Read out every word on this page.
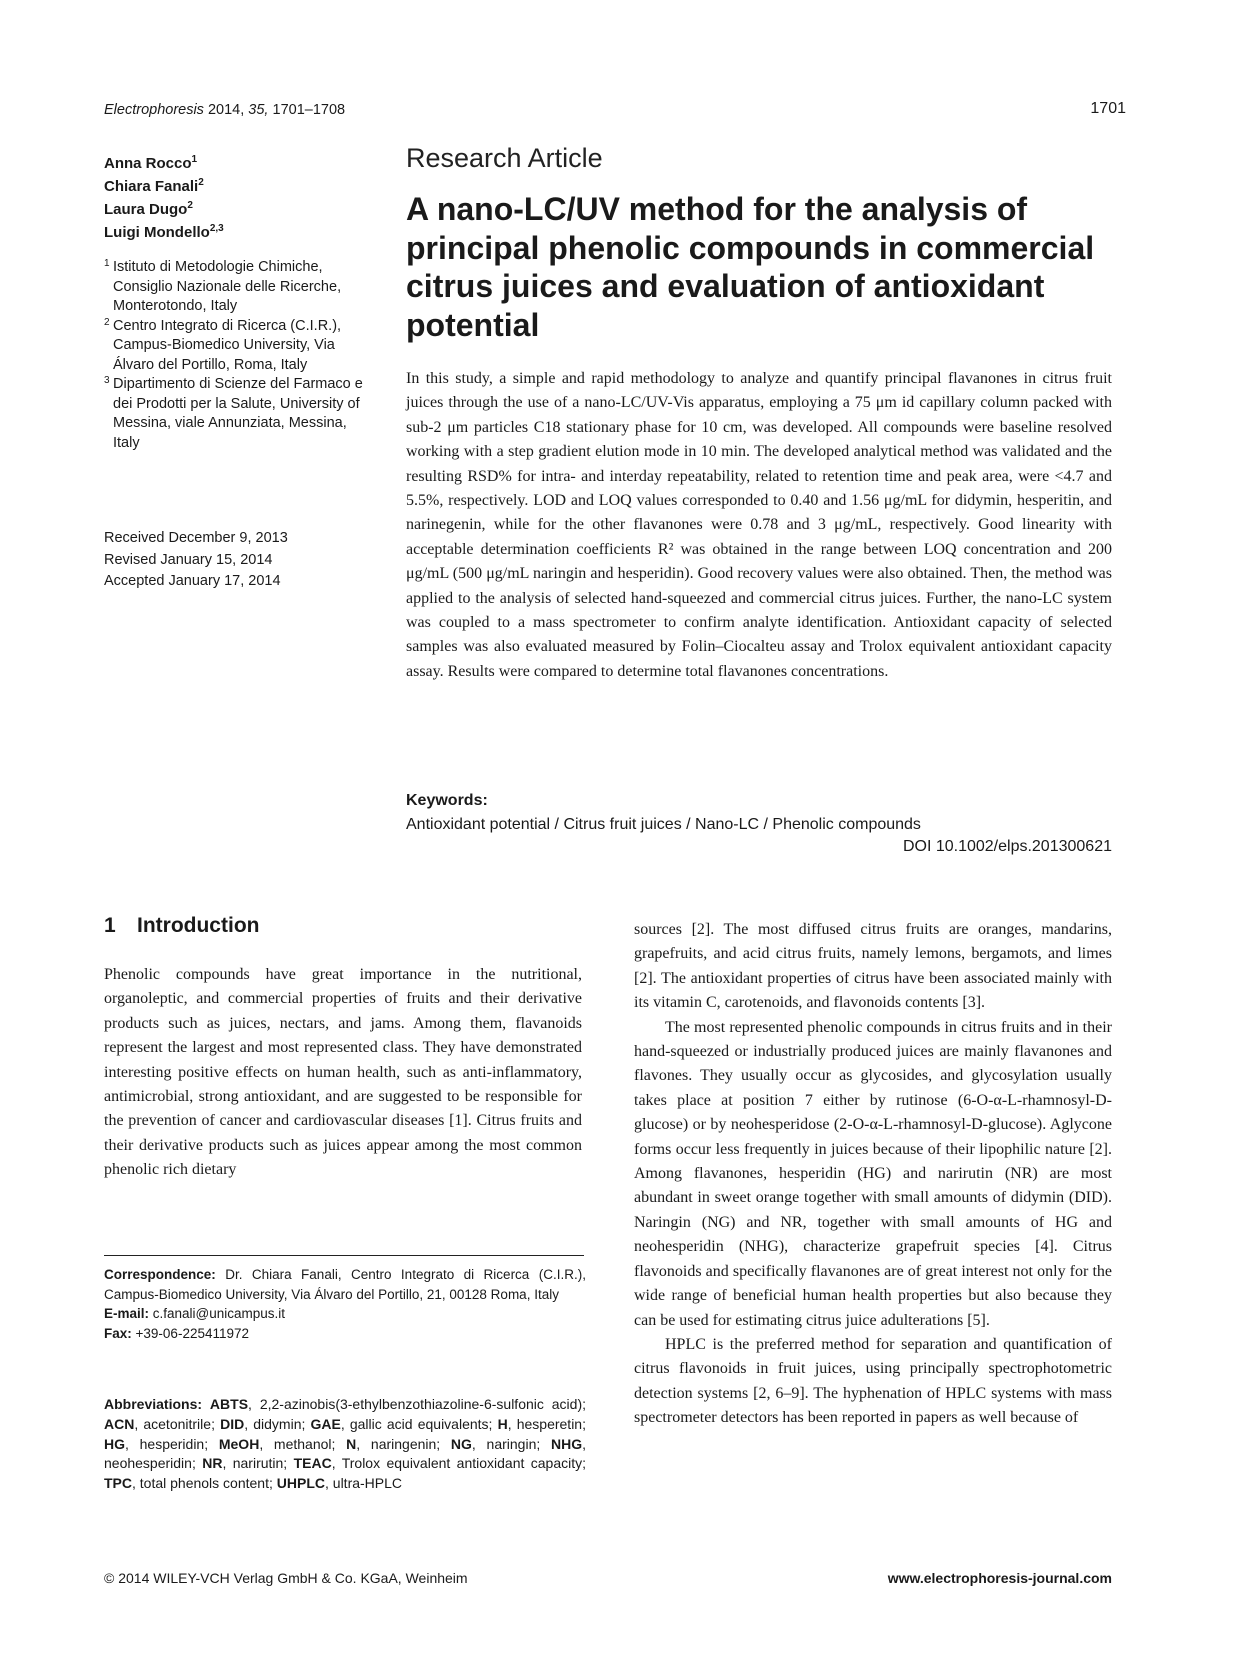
Electrophoresis 2014, 35, 1701–1708	1701
Anna Rocco$^1$
Chiara Fanali$^2$
Laura Dugo$^2$
Luigi Mondello$^{2,3}$
1 Istituto di Metodologie Chimiche, Consiglio Nazionale delle Ricerche, Monterotondo, Italy
2 Centro Integrato di Ricerca (C.I.R.), Campus-Biomedico University, Via Álvaro del Portillo, Roma, Italy
3 Dipartimento di Scienze del Farmaco e dei Prodotti per la Salute, University of Messina, viale Annunziata, Messina, Italy
Received December 9, 2013
Revised January 15, 2014
Accepted January 17, 2014
Research Article
A nano-LC/UV method for the analysis of principal phenolic compounds in commercial citrus juices and evaluation of antioxidant potential

In this study, a simple and rapid methodology to analyze and quantify principal flavanones in citrus fruit juices through the use of a nano-LC/UV-Vis apparatus, employing a 75 μm id capillary column packed with sub-2 μm particles C18 stationary phase for 10 cm, was developed. All compounds were baseline resolved working with a step gradient elution mode in 10 min. The developed analytical method was validated and the resulting RSD% for intra- and interday repeatability, related to retention time and peak area, were <4.7 and 5.5%, respectively. LOD and LOQ values corresponded to 0.40 and 1.56 μg/mL for didymin, hesperitin, and narinegenin, while for the other flavanones were 0.78 and 3 μg/mL, respectively. Good linearity with acceptable determination coefficients R² was obtained in the range between LOQ concentration and 200 μg/mL (500 μg/mL naringin and hesperidin). Good recovery values were also obtained. Then, the method was applied to the analysis of selected hand-squeezed and commercial citrus juices. Further, the nano-LC system was coupled to a mass spectrometer to confirm analyte identification. Antioxidant capacity of selected samples was also evaluated measured by Folin–Ciocalteu assay and Trolox equivalent antioxidant capacity assay. Results were compared to determine total flavanones concentrations.

Keywords:
Antioxidant potential / Citrus fruit juices / Nano-LC / Phenolic compounds
DOI 10.1002/elps.201300621
1 Introduction

Phenolic compounds have great importance in the nutritional, organoleptic, and commercial properties of fruits and their derivative products such as juices, nectars, and jams. Among them, flavanoids represent the largest and most represented class. They have demonstrated interesting positive effects on human health, such as anti-inflammatory, antimicrobial, strong antioxidant, and are suggested to be responsible for the prevention of cancer and cardiovascular diseases [1]. Citrus fruits and their derivative products such as juices appear among the most common phenolic rich dietary

sources [2]. The most diffused citrus fruits are oranges, mandarins, grapefruits, and acid citrus fruits, namely lemons, bergamots, and limes [2]. The antioxidant properties of citrus have been associated mainly with its vitamin C, carotenoids, and flavonoids contents [3].

The most represented phenolic compounds in citrus fruits and in their hand-squeezed or industrially produced juices are mainly flavanones and flavones. They usually occur as glycosides, and glycosylation usually takes place at position 7 either by rutinose (6-O-α-L-rhamnosyl-D-glucose) or by neohesperidose (2-O-α-L-rhamnosyl-D-glucose). Aglycone forms occur less frequently in juices because of their lipophilic nature [2]. Among flavanones, hesperidin (HG) and narirutin (NR) are most abundant in sweet orange together with small amounts of didymin (DID). Naringin (NG) and NR, together with small amounts of HG and neohesperidin (NHG), characterize grapefruit species [4]. Citrus flavonoids and specifically flavanones are of great interest not only for the wide range of beneficial human health properties but also because they can be used for estimating citrus juice adulterations [5].

HPLC is the preferred method for separation and quantification of citrus flavonoids in fruit juices, using principally spectrophotometric detection systems [2, 6–9]. The hyphenation of HPLC systems with mass spectrometer detectors has been reported in papers as well because of

Correspondence: Dr. Chiara Fanali, Centro Integrato di Ricerca (C.I.R.), Campus-Biomedico University, Via Álvaro del Portillo, 21, 00128 Roma, Italy
E-mail: c.fanali@unicampus.it
Fax: +39-06-225411972
Abbreviations: ABTS, 2,2-azinobis(3-ethylbenzothiazoline-6-sulfonic acid); ACN, acetonitrile; DID, didymin; GAE, gallic acid equivalents; H, hesperetin; HG, hesperidin; MeOH, methanol; N, naringenin; NG, naringin; NHG, neohesperidin; NR, narirutin; TEAC, Trolox equivalent antioxidant capacity; TPC, total phenols content; UHPLC, ultra-HPLC
© 2014 WILEY-VCH Verlag GmbH & Co. KGaA, Weinheim	www.electrophoresis-journal.com
